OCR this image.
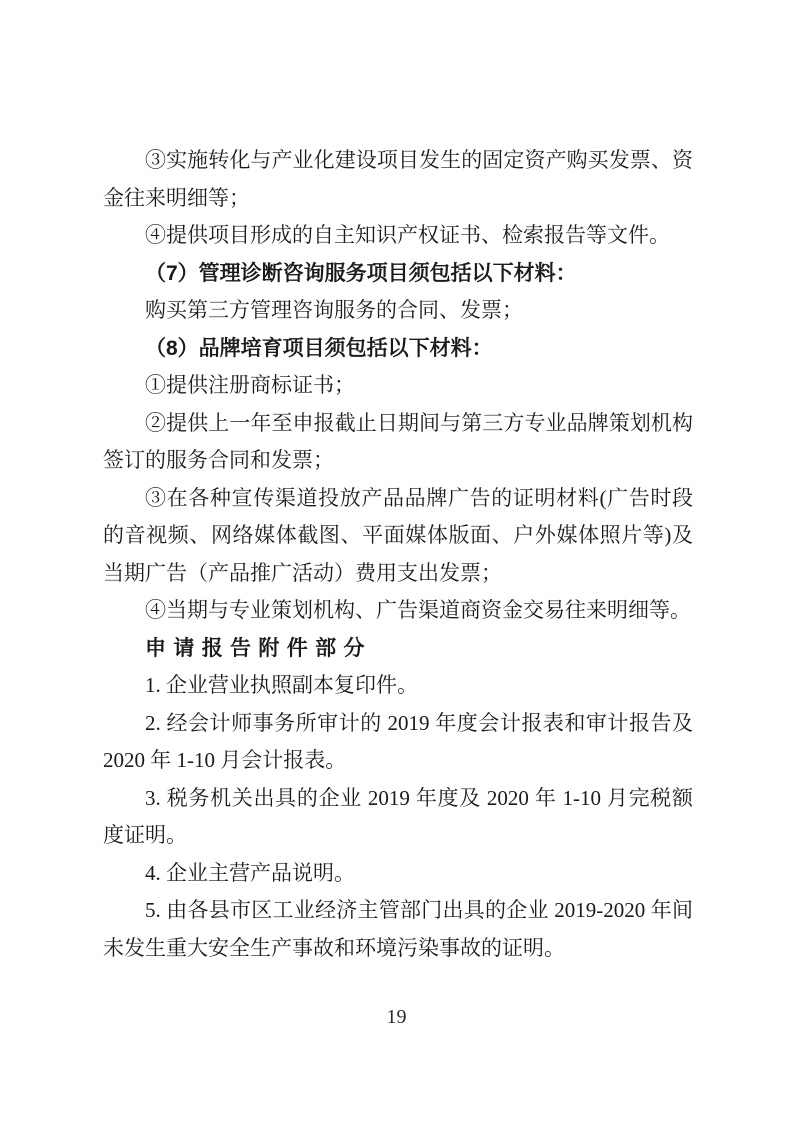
③实施转化与产业化建设项目发生的固定资产购买发票、资金往来明细等；

④提供项目形成的自主知识产权证书、检索报告等文件。

（7）管理诊断咨询服务项目须包括以下材料：

购买第三方管理咨询服务的合同、发票；

（8）品牌培育项目须包括以下材料：

①提供注册商标证书；

②提供上一年至申报截止日期间与第三方专业品牌策划机构签订的服务合同和发票；

③在各种宣传渠道投放产品品牌广告的证明材料(广告时段的音视频、网络媒体截图、平面媒体版面、户外媒体照片等)及当期广告（产品推广活动）费用支出发票；

④当期与专业策划机构、广告渠道商资金交易往来明细等。

申请报告附件部分

1. 企业营业执照副本复印件。

2. 经会计师事务所审计的 2019 年度会计报表和审计报告及 2020 年 1-10 月会计报表。

3. 税务机关出具的企业 2019 年度及 2020 年 1-10 月完税额度证明。

4. 企业主营产品说明。

5. 由各县市区工业经济主管部门出具的企业 2019-2020 年间未发生重大安全生产事故和环境污染事故的证明。

19
